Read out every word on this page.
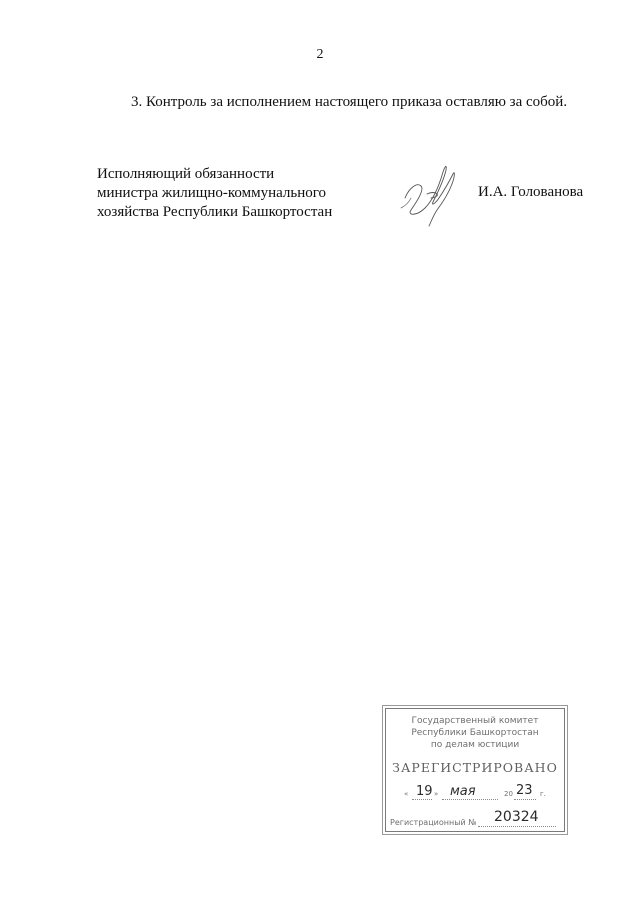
2
3. Контроль за исполнением настоящего приказа оставляю за собой.
Исполняющий обязанности
министра жилищно-коммунального
хозяйства Республики Башкортостан
И.А. Голованова
Государственный комитет
Республики Башкортостан
по делам юстиции
ЗАРЕГИСТРИРОВАНО
« 19 » мая	20 23 г.
Регистрационный № 20324
